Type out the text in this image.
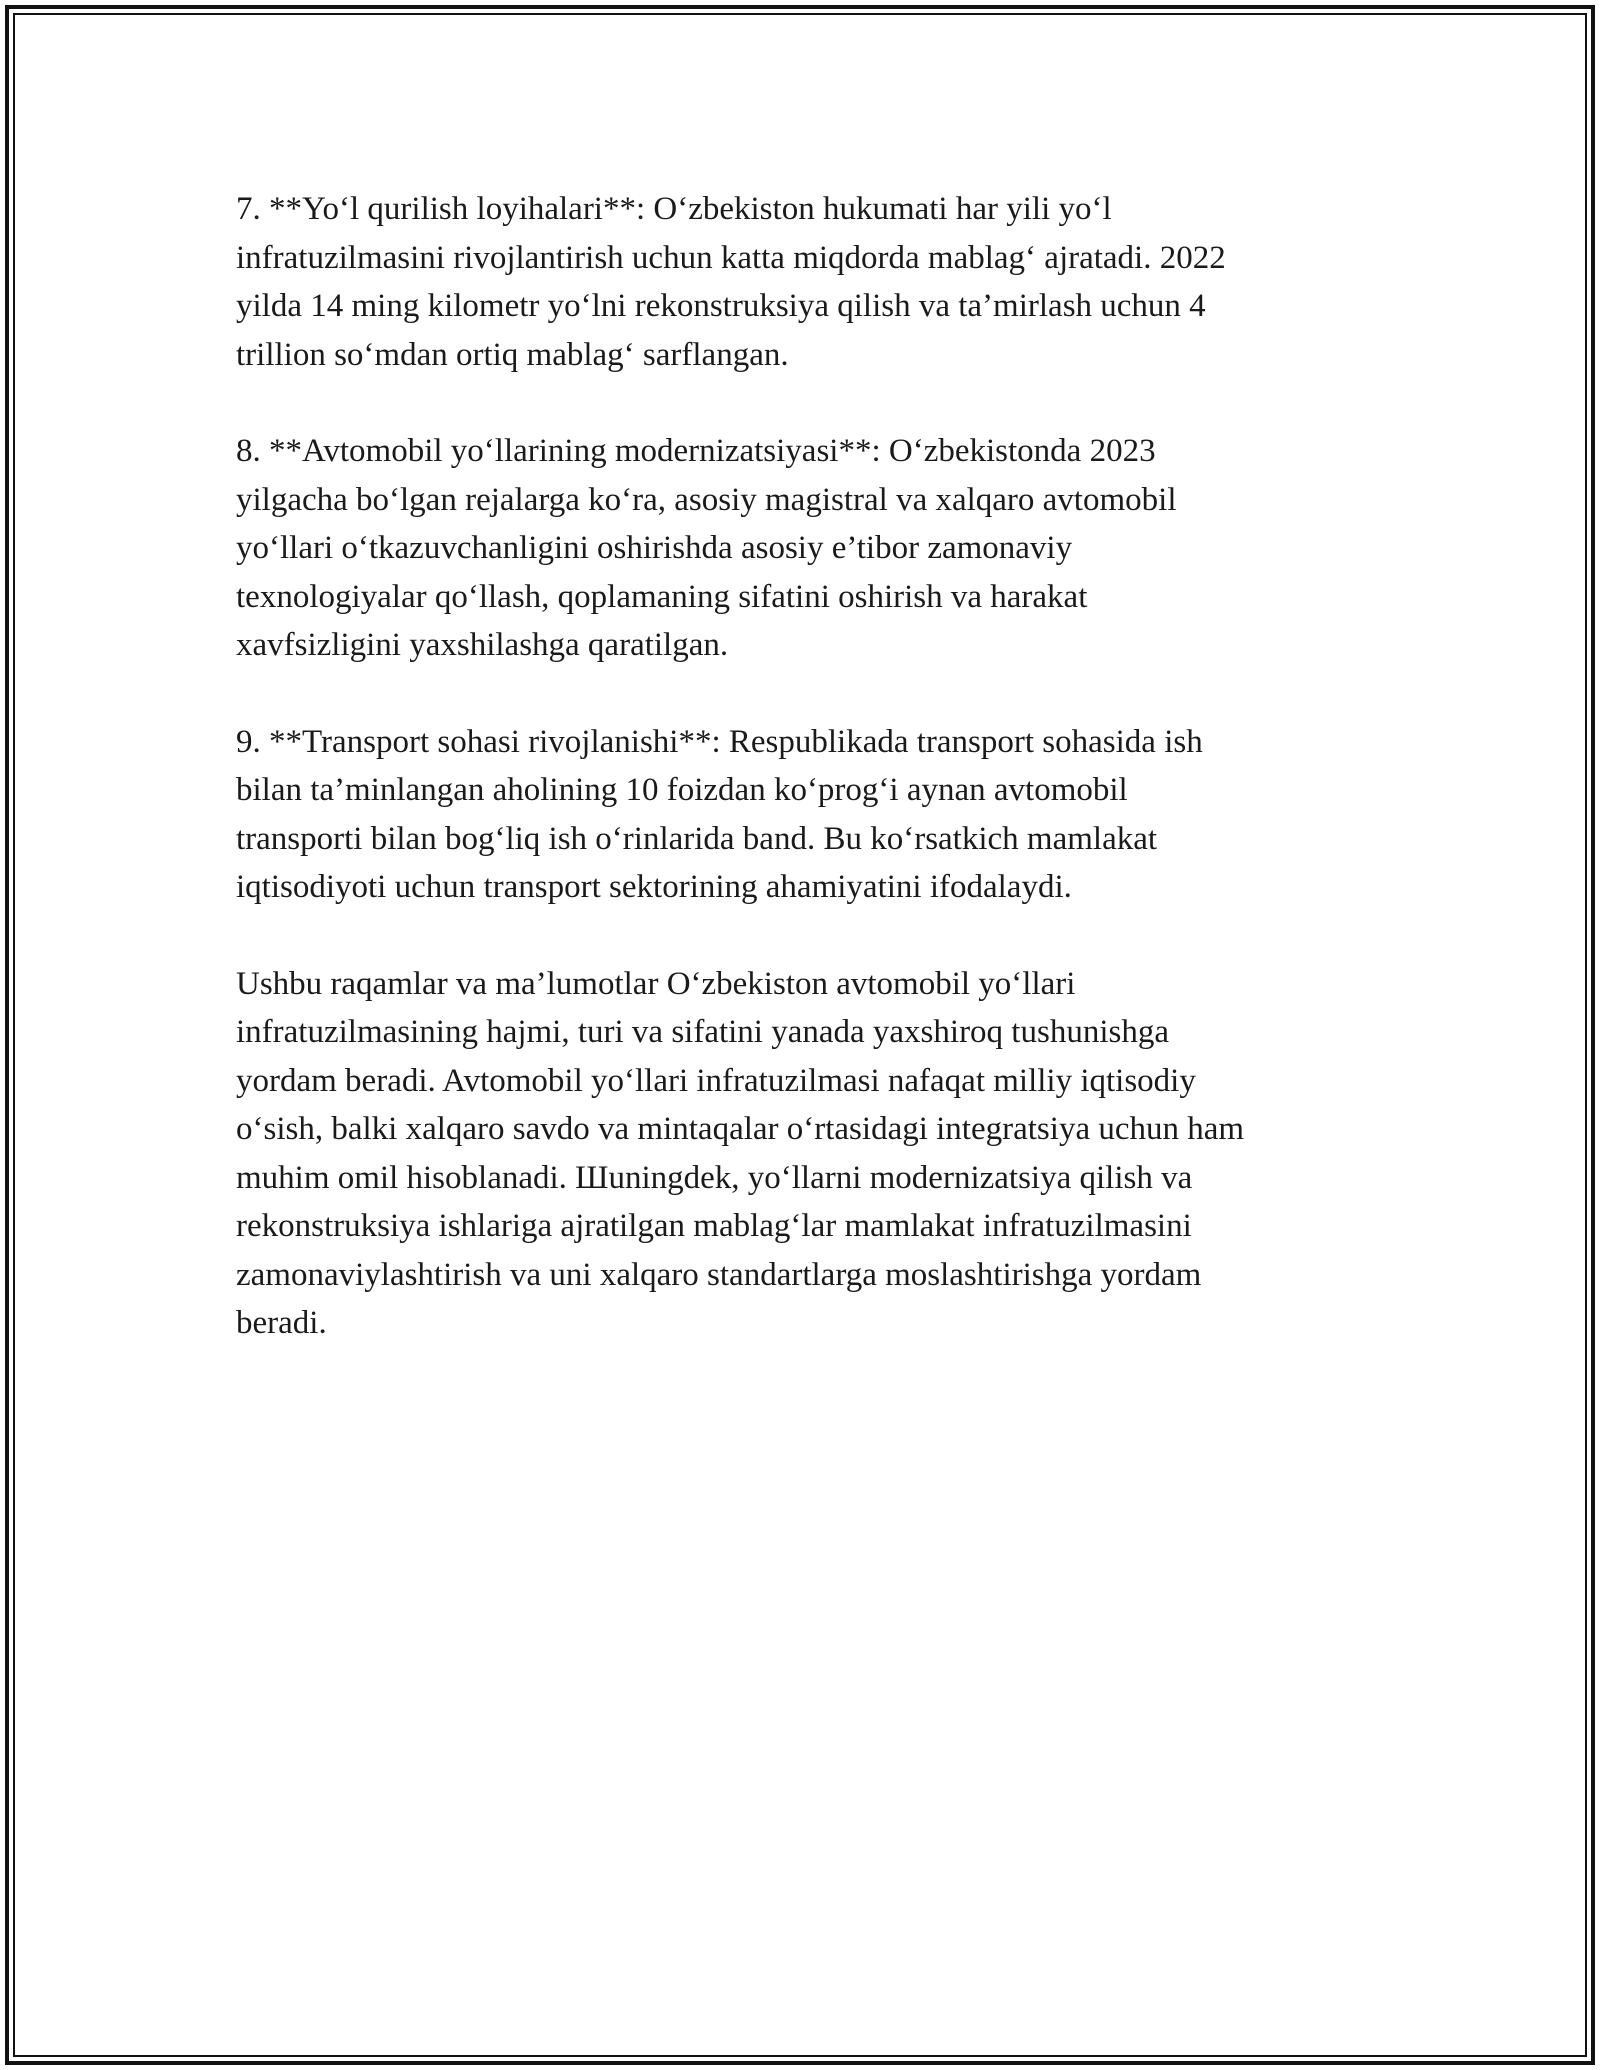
7. **Yo‘l qurilish loyihalari**: O‘zbekiston hukumati har yili yo‘l
infratuzilmasini rivojlantirish uchun katta miqdorda mablag‘ ajratadi. 2022
yilda 14 ming kilometr yo‘lni rekonstruksiya qilish va ta’mirlash uchun 4
trillion so‘mdan ortiq mablag‘ sarflangan.

8. **Avtomobil yo‘llarining modernizatsiyasi**: O‘zbekistonda 2023
yilgacha bo‘lgan rejalarga ko‘ra, asosiy magistral va xalqaro avtomobil
yo‘llari o‘tkazuvchanligini oshirishda asosiy e’tibor zamonaviy
texnologiyalar qo‘llash, qoplamaning sifatini oshirish va harakat
xavfsizligini yaxshilashga qaratilgan.

9. **Transport sohasi rivojlanishi**: Respublikada transport sohasida ish
bilan ta’minlangan aholining 10 foizdan ko‘prog‘i aynan avtomobil
transporti bilan bog‘liq ish o‘rinlarida band. Bu ko‘rsatkich mamlakat
iqtisodiyoti uchun transport sektorining ahamiyatini ifodalaydi.

Ushbu raqamlar va ma’lumotlar O‘zbekiston avtomobil yo‘llari
infratuzilmasining hajmi, turi va sifatini yanada yaxshiroq tushunishga
yordam beradi. Avtomobil yo‘llari infratuzilmasi nafaqat milliy iqtisodiy
o‘sish, balki xalqaro savdo va mintaqalar o‘rtasidagi integratsiya uchun ham
muhim omil hisoblanadi. Шuningdek, yo‘llarni modernizatsiya qilish va
rekonstruksiya ishlariga ajratilgan mablag‘lar mamlakat infratuzilmasini
zamonaviylashtirish va uni xalqaro standartlarga moslashtirishga yordam
beradi.
